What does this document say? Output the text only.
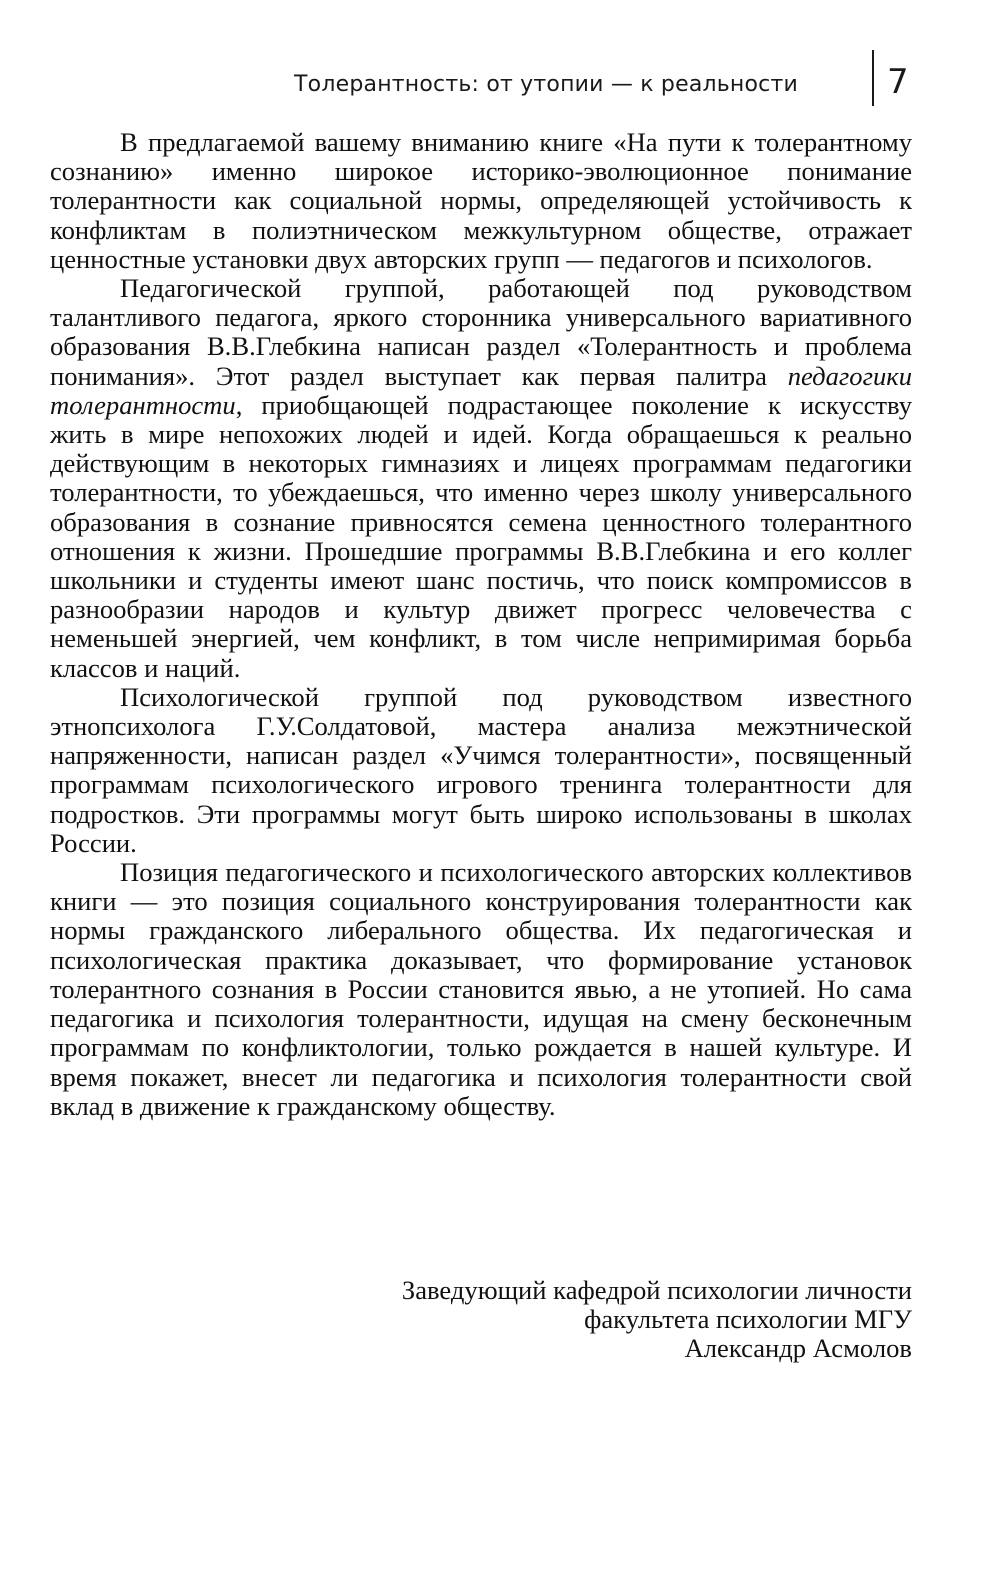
Толерантность: от утопии — к реальности	7

В предлагаемой вашему вниманию книге «На пути к толерантному сознанию» именно широкое историко-эволюционное понимание толерантности как социальной нормы, определяющей устойчивость к конфликтам в полиэтническом межкультурном обществе, отражает ценностные установки двух авторских групп — педагогов и психологов.

Педагогической группой, работающей под руководством талантливого педагога, яркого сторонника универсального вариативного образования В.В.Глебкина написан раздел «Толерантность и проблема понимания». Этот раздел выступает как первая палитра педагогики толерантности, приобщающей подрастающее поколение к искусству жить в мире непохожих людей и идей. Когда обращаешься к реально действующим в некоторых гимназиях и лицеях программам педагогики толерантности, то убеждаешься, что именно через школу универсального образования в сознание привносятся семена ценностного толерантного отношения к жизни. Прошедшие программы В.В.Глебкина и его коллег школьники и студенты имеют шанс постичь, что поиск компромиссов в разнообразии народов и культур движет прогресс человечества с неменьшей энергией, чем конфликт, в том числе непримиримая борьба классов и наций.

Психологической группой под руководством известного этнопсихолога Г.У.Солдатовой, мастера анализа межэтнической напряженности, написан раздел «Учимся толерантности», посвященный программам психологического игрового тренинга толерантности для подростков. Эти программы могут быть широко использованы в школах России.

Позиция педагогического и психологического авторских коллективов книги — это позиция социального конструирования толерантности как нормы гражданского либерального общества. Их педагогическая и психологическая практика доказывает, что формирование установок толерантного сознания в России становится явью, а не утопией. Но сама педагогика и психология толерантности, идущая на смену бесконечным программам по конфликтологии, только рождается в нашей культуре. И время покажет, внесет ли педагогика и психология толерантности свой вклад в движение к гражданскому обществу.

Заведующий кафедрой психологии личности
факультета психологии МГУ
Александр Асмолов
